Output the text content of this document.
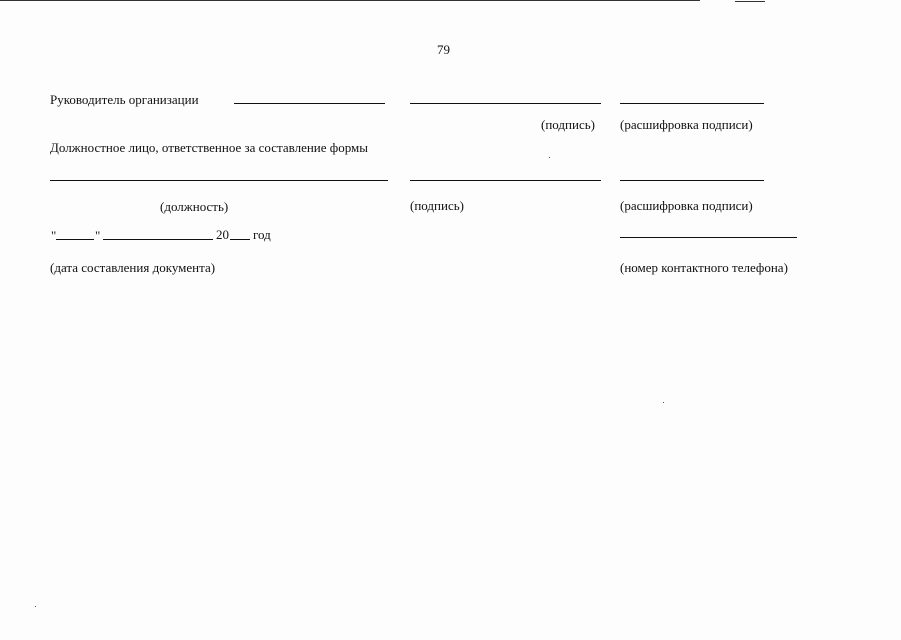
79
Руководитель организации
(подпись) (расшифровка подписи)
Должностное лицо, ответственное за составление формы
(должность)	(подпись)	(расшифровка подписи)
"	"	20 год
(дата составления документа)	(номер контактного телефона)
